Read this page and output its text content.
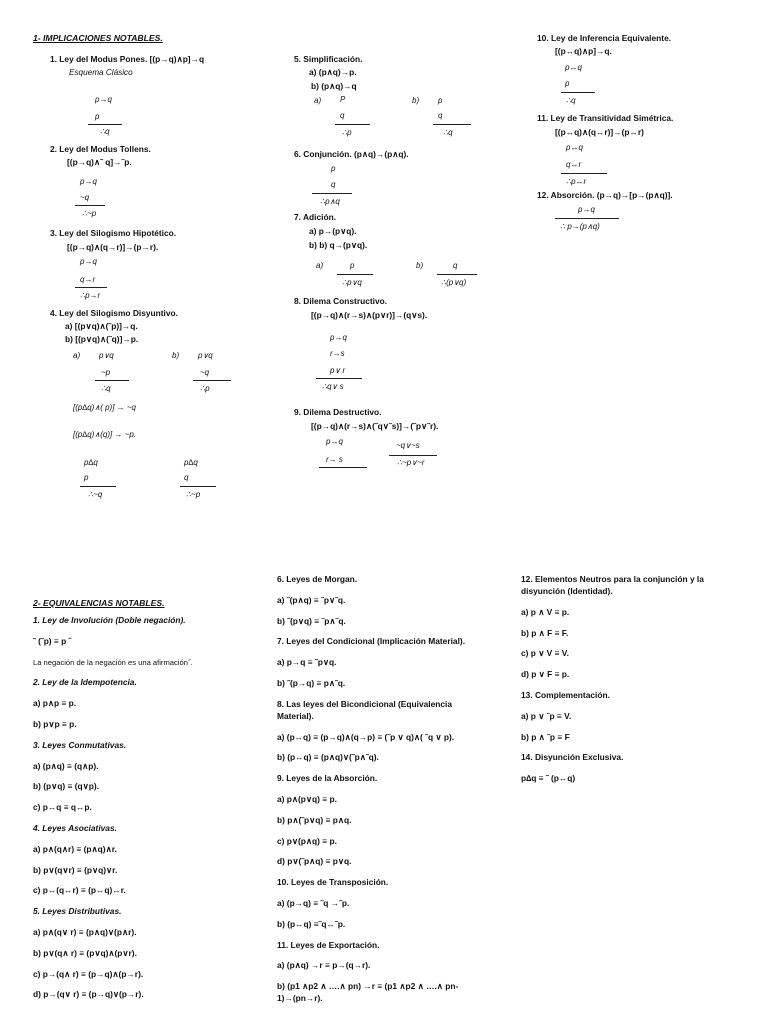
1- IMPLICACIONES NOTABLES.
1. Ley del Modus Pones. [(p→q)∧p]→q
Esquema Clásico
p→q
p
∴q
2. Ley del Modus Tollens.
[(p→q)∧˜ q]→˜p.
p→q
~q
∴~p
3. Ley del Silogismo Hipotético.
[(p→q)∧(q→r)]→(p→r).
p→q
q→r
∴p→r
4. Ley del Silogismo Disyuntivo.
a) [(p∨q)∧(˜p)]→q.
b) [(p∨q)∧(˜q)]→p.
a) p∨q
~p
∴q
b) p∨q
~q
∴p
[(p∆q)∧( p)] → ~q
[(p∆q)∧(q)] → ~p.
p∆q
p
∴~q
p∆q
q
∴~p
5. Simplificación.
a) (p∧q)→p.
b) (p∧q)→q
a) P
q
∴p
b) p
q
∴q
6. Conjunción. (p∧q)→(p∧q).
p
q
∴p∧q
7. Adición.
a) p→(p∨q).
b) b) q→(p∨q).
a)	p
∴p∨q
b)	q
∴(p∨q)
8. Dilema Constructivo.
[(p→q)∧(r→s)∧(p∨r)]→(q∨s).
p→q
r→s
p∨ r
∴q∨ s
9. Dilema Destructivo.
[(p→q)∧(r→s)∧(˜q∨˜s)]→(˜p∨˜r).
p→q
r→ s
~q∨~s
∴~p∨~r
10. Ley de Inferencia Equivalente.
[(p↔q)∧p]→q.
p↔q
p
∴q
11. Ley de Transitividad Simétrica.
[(p↔q)∧(q↔r)]→(p↔r)
p↔q
q↔r
∴p↔r
12. Absorción. (p→q)→[p→(p∧q)].
p→q
∴ p→(p∧q)
2- EQUIVALENCIAS NOTABLES.
1. Ley de Involución (Doble negación).
˜ (˜p) ≡ p ˝
La negación de la negación es una afirmación˝.
2. Ley de la Idempotencia.
a) p∧p ≡ p.
b) p∨p ≡ p.
3. Leyes Conmutativas.
a) (p∧q) ≡ (q∧p).
b) (p∨q) ≡ (q∨p).
c) p↔q ≡ q↔p.
4. Leyes Asociativas.
a) p∧(q∧r) ≡ (p∧q)∧r.
b) p∨(q∨r) ≡ (p∨q)∨r.
c) p↔(q↔r) ≡ (p↔q)↔r.
5. Leyes Distributivas.
a) p∧(q∨ r) ≡ (p∧q)∨(p∧r).
b) p∨(q∧ r) ≡ (p∨q)∧(p∨r).
c) p→(q∧ r) ≡ (p→q)∧(p→r).
d) p→(q∨ r) ≡ (p→q)∨(p→r).
6. Leyes de Morgan.
a) ˜(p∧q) ≡ ˜p∨˜q.
b) ˜(p∨q) ≡ ˜p∧˜q.
7. Leyes del Condicional (Implicación Material).
a) p→q ≡ ˜p∨q.
b) ˜(p→q) ≡ p∧˜q.
8. Las leyes del Bicondicional (Equivalencia
Material).
a) (p↔q) ≡ (p→q)∧(q→p) ≡ (˜p ∨ q)∧( ˜q ∨ p).
b) (p↔q) ≡ (p∧q)∨(˜p∧˜q).
9. Leyes de la Absorción.
a) p∧(p∨q) ≡ p.
b) p∧(˜p∨q) ≡ p∧q.
c) p∨(p∧q) ≡ p.
d) p∨(˜p∧q) ≡ p∨q.
10. Leyes de Transposición.
a) (p→q) ≡ ˜q →˜p.
b) (p↔q) ≡˜q↔˜p.
11. Leyes de Exportación.
a) (p∧q) →r ≡ p→(q→r).
b) (p1 ∧p2 ∧ ….∧ pn) →r ≡ (p1 ∧p2 ∧ ….∧ pn-
1)→(pn→r).
12. Elementos Neutros para la conjunción y la
disyunción (Identidad).
a) p ∧ V ≡ p.
b) p ∧ F ≡ F.
c) p ∨ V ≡ V.
d) p ∨ F ≡ p.
13. Complementación.
a) p ∨ ˜p ≡ V.
b) p ∧ ˜p ≡ F
14. Disyunción Exclusiva.
p∆q ≡ ˜ (p↔q)
